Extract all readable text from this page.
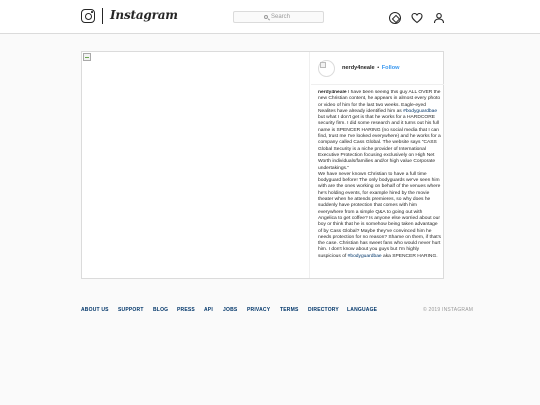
Instagram	Search
nerdy4neale • Follow

nerdy4neale I have been seeing this guy ALL OVER the new Christian content, he appears in almost every photo or video of him for the last two weeks. Eagle-eyed Nealites have already identified him as #bodyguardbae but what I don't get is that he works for a HARDCORE security firm. I did some research and it turns out his full name is SPENCER HARING (no social media that I can find, trust me I've looked everywhere) and he works for a company called Cass Global. The website says "CASS Global Security is a niche provider of International Executive Protection focusing exclusively on High Net Worth individuals/families and/or high value Corporate undertakings."

We have never known Christian to have a full time bodyguard before! The only bodyguards we've seen him with are the ones working on behalf of the venues where he's holding events, for example hired by the movie theater when he attends premieres, so why does he suddenly have protection that comes with him everywhere from a simple Q&A to going out with Angelica to get coffee? Is anyone else worried about our boy or think that he is somehow being taken advantage of by Cass Global? Maybe they've convinced him he needs protection for no reason? Shame on them, if that's the case. Christian has sweet fans who would never hurt him. I don't know about you guys but I'm highly suspicious of #bodyguardbae aka SPENCER HARING.

ABOUT US SUPPORT BLOG PRESS API JOBS PRIVACY TERMS DIRECTORY LANGUAGE	© 2019 INSTAGRAM
